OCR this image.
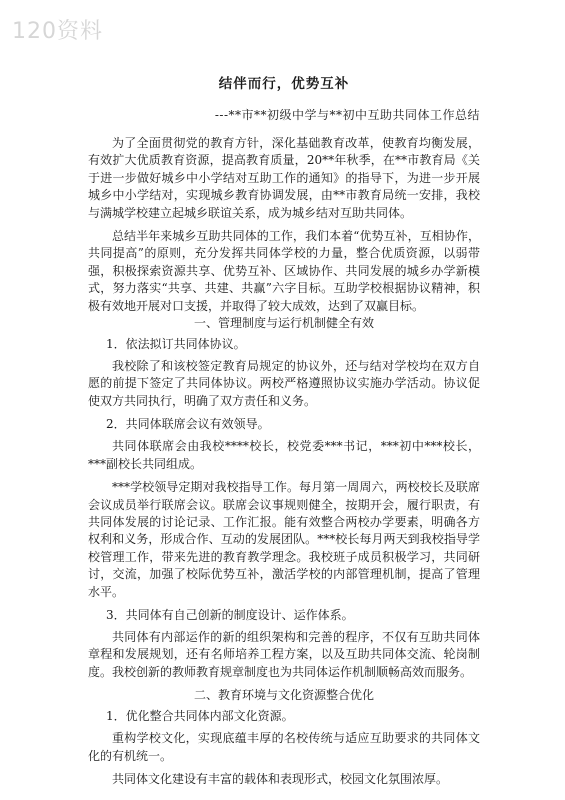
120资料
结伴而行，优势互补
---**市**初级中学与**初中互助共同体工作总结

为了全面贯彻党的教育方针，深化基础教育改革，使教育均衡发展，有效扩大优质教育资源，提高教育质量，20**年秋季，在**市教育局《关于进一步做好城乡中小学结对互助工作的通知》的指导下，为进一步开展城乡中小学结对，实现城乡教育协调发展，由**市教育局统一安排，我校与满城学校建立起城乡联谊关系，成为城乡结对互助共同体。

总结半年来城乡互助共同体的工作，我们本着“优势互补，互相协作，共同提高”的原则，充分发挥共同体学校的力量，整合优质资源，以弱带强，积极探索资源共享、优势互补、区域协作、共同发展的城乡办学新模式，努力落实“共享、共建、共赢”六字目标。互助学校根据协议精神，积极有效地开展对口支援，并取得了较大成效，达到了双赢目标。

一、管理制度与运行机制健全有效
1．依法拟订共同体协议。

我校除了和该校签定教育局规定的协议外，还与结对学校均在双方自愿的前提下签定了共同体协议。两校严格遵照协议实施办学活动。协议促使双方共同执行，明确了双方责任和义务。

2．共同体联席会议有效领导。

共同体联席会由我校****校长，校党委***书记，***初中***校长，***副校长共同组成。

***学校领导定期对我校指导工作。每月第一周周六，两校校长及联席会议成员举行联席会议。联席会议事规则健全，按期开会，履行职责，有共同体发展的讨论记录、工作汇报。能有效整合两校办学要素，明确各方权利和义务，形成合作、互动的发展团队。***校长每月两天到我校指导学校管理工作，带来先进的教育教学理念。我校班子成员积极学习，共同研讨，交流，加强了校际优势互补，激活学校的内部管理机制，提高了管理水平。

3．共同体有自己创新的制度设计、运作体系。

共同体有内部运作的新的组织架构和完善的程序，不仅有互助共同体章程和发展规划，还有名师培养工程方案，以及互助共同体交流、轮岗制度。我校创新的教师教育规章制度也为共同体运作机制顺畅高效而服务。

二、教育环境与文化资源整合优化
1．优化整合共同体内部文化资源。

重构学校文化，实现底蕴丰厚的名校传统与适应互助要求的共同体文化的有机统一。

共同体文化建设有丰富的载体和表现形式，校园文化氛围浓厚。
